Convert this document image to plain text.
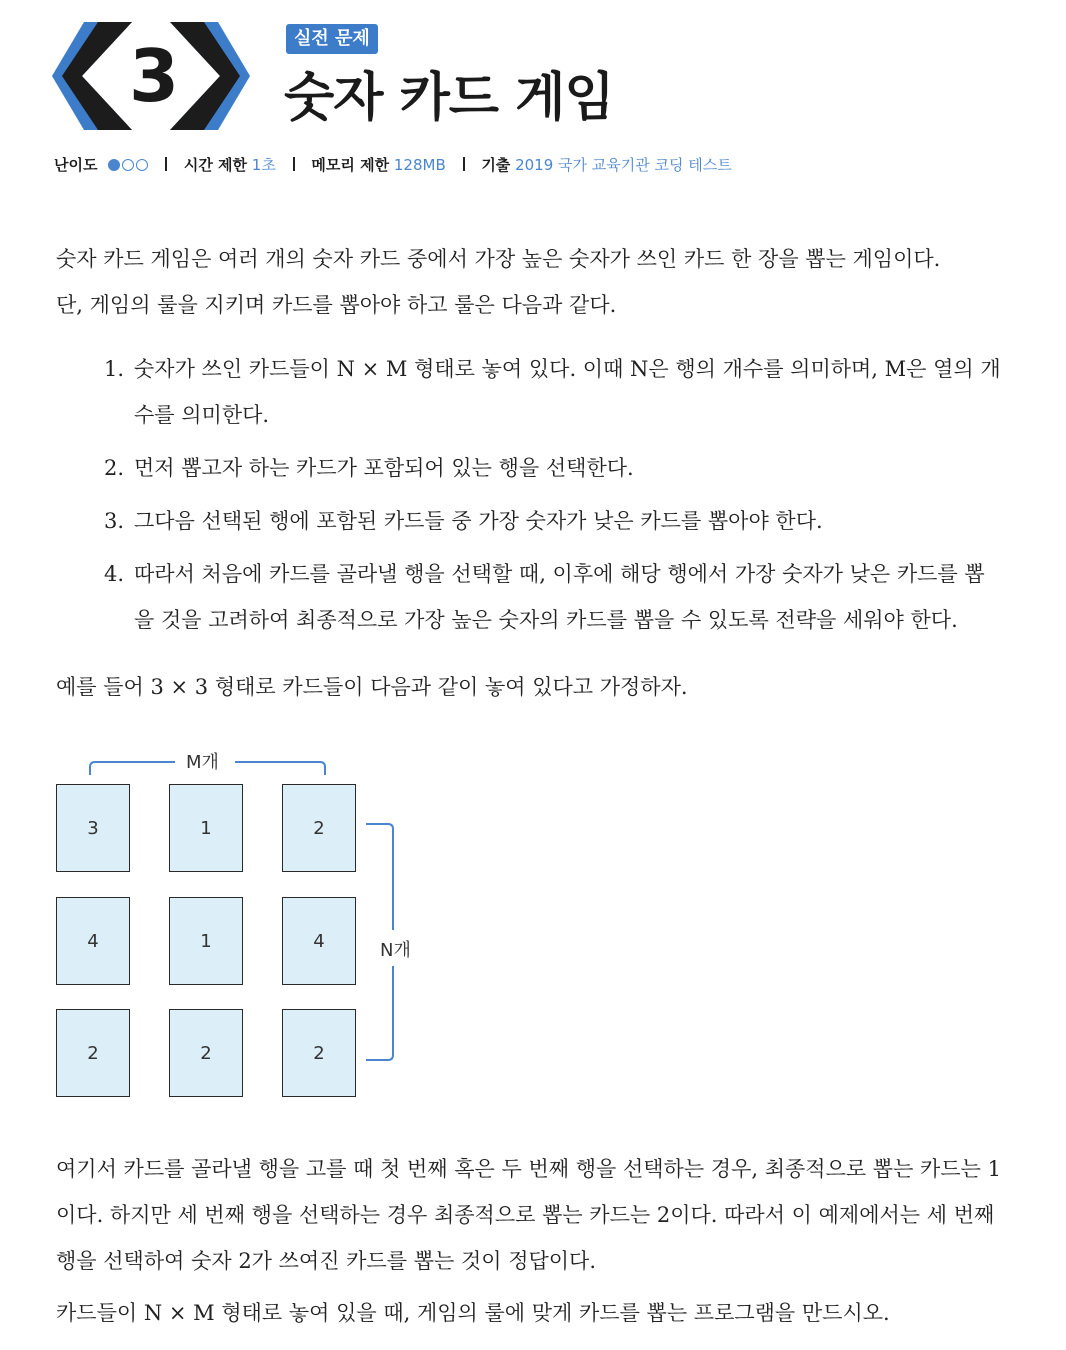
3	실전 문제
숫자 카드 게임
난이도	시간 제한 1초 메모리 제한 128MB 기출 2019 국가 교육기관 코딩 테스트
숫자 카드 게임은 여러 개의 숫자 카드 중에서 가장 높은 숫자가 쓰인 카드 한 장을 뽑는 게임이다.
단, 게임의 룰을 지키며 카드를 뽑아야 하고 룰은 다음과 같다.
1. 숫자가 쓰인 카드들이 N × M 형태로 놓여 있다. 이때 N은 행의 개수를 의미하며, M은 열의 개수를 의미한다.
2. 먼저 뽑고자 하는 카드가 포함되어 있는 행을 선택한다.
3. 그다음 선택된 행에 포함된 카드들 중 가장 숫자가 낮은 카드를 뽑아야 한다.
4. 따라서 처음에 카드를 골라낼 행을 선택할 때, 이후에 해당 행에서 가장 숫자가 낮은 카드를 뽑을 것을 고려하여 최종적으로 가장 높은 숫자의 카드를 뽑을 수 있도록 전략을 세워야 한다.

예를 들어 3 × 3 형태로 카드들이 다음과 같이 놓여 있다고 가정하자.

M개
N개
3	1	2
4	1	4
2	2	2

여기서 카드를 골라낼 행을 고를 때 첫 번째 혹은 두 번째 행을 선택하는 경우, 최종적으로 뽑는 카드는 1이다. 하지만 세 번째 행을 선택하는 경우 최종적으로 뽑는 카드는 2이다. 따라서 이 예제에서는 세 번째 행을 선택하여 숫자 2가 쓰여진 카드를 뽑는 것이 정답이다.

카드들이 N × M 형태로 놓여 있을 때, 게임의 룰에 맞게 카드를 뽑는 프로그램을 만드시오.
